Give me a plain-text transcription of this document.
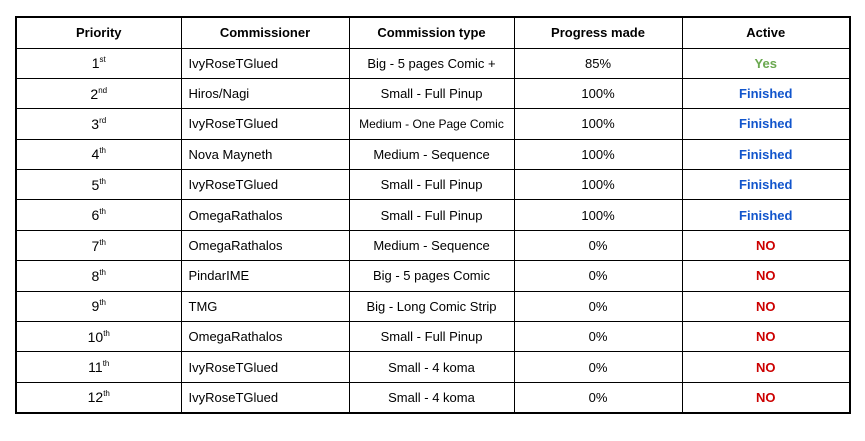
Priority	Commissioner	Commission type	Progress made	Active
1st	IvyRoseTGlued	Big - 5 pages Comic +	85%	Yes
2nd	Hiros/Nagi	Small - Full Pinup	100%	Finished
3rd	IvyRoseTGlued	Medium - One Page Comic	100%	Finished
4th	Nova Mayneth	Medium - Sequence	100%	Finished
5th	IvyRoseTGlued	Small - Full Pinup	100%	Finished
6th	OmegaRathalos	Small - Full Pinup	100%	Finished
7th	OmegaRathalos	Medium - Sequence	0%	NO
8th	PindarIME	Big - 5 pages Comic	0%	NO
9th	TMG	Big - Long Comic Strip	0%	NO
10th	OmegaRathalos	Small - Full Pinup	0%	NO
11th	IvyRoseTGlued	Small - 4 koma	0%	NO
12th	IvyRoseTGlued	Small - 4 koma	0%	NO
